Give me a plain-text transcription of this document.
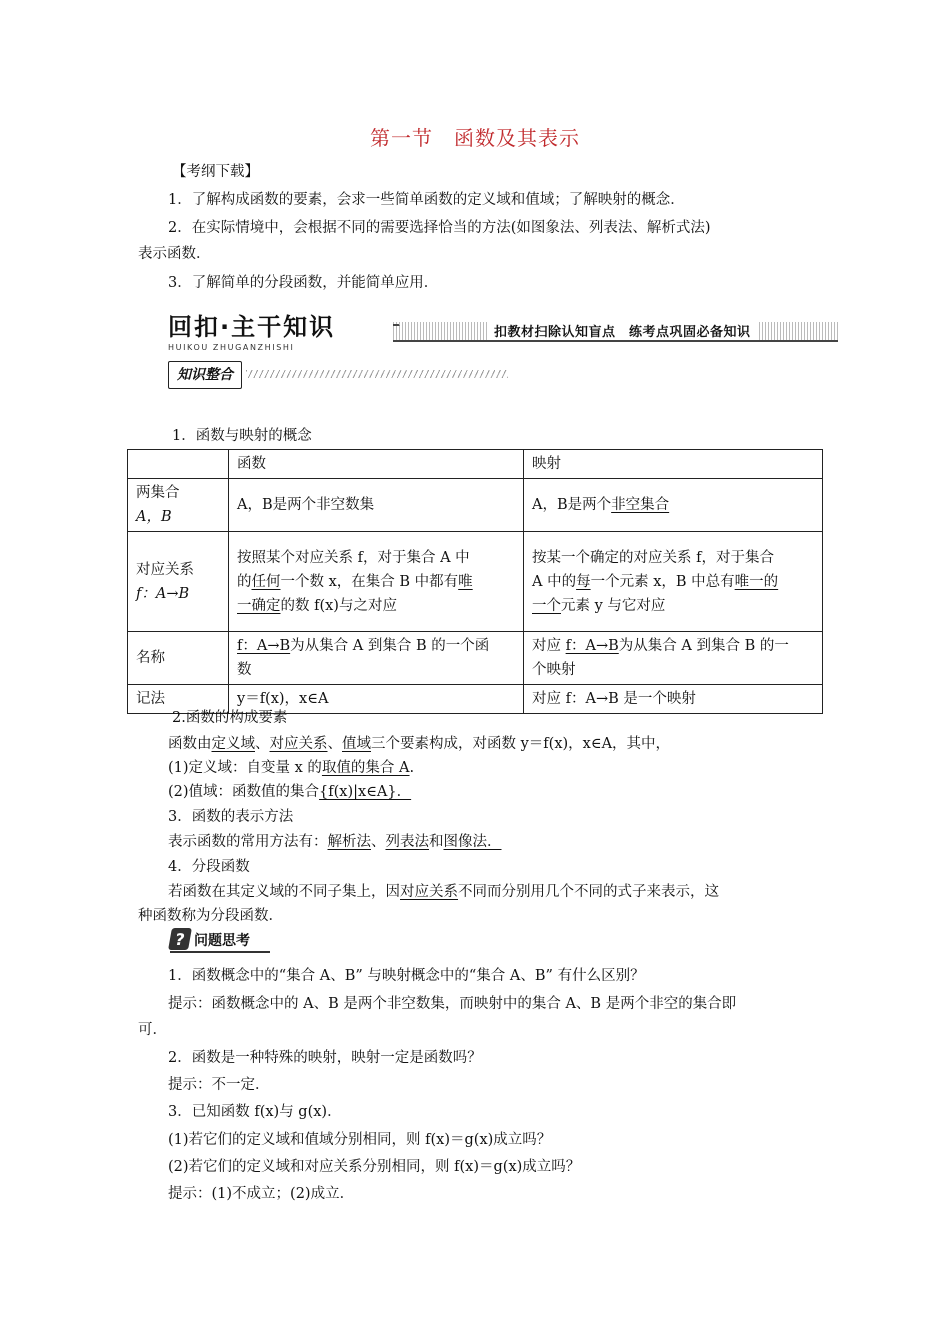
第一节　函数及其表示
【考纲下载】
1．了解构成函数的要素，会求一些简单函数的定义域和值域；了解映射的概念．
2．在实际情境中，会根据不同的需要选择恰当的方法(如图象法、列表法、解析式法)
表示函数．
3．了解简单的分段函数，并能简单应用．
回扣·主干知识
HUIKOU ZHUGANZHISHI
扣教材扫除认知盲点　练考点巩固必备知识
知识整合
1．函数与映射的概念
	函数	映射
两集合
A，B	A，B是两个非空数集	A，B是两个非空集合
对应关系
f：A→B	按照某个对应关系 f，对于集合 A 中
的任何一个数 x，在集合 B 中都有唯
一确定的数 f(x)与之对应	按某一个确定的对应关系 f，对于集合
A 中的每一个元素 x，B 中总有唯一的
一个元素 y 与它对应
名称	f：A→B为从集合 A 到集合 B 的一个函
数	对应 f：A→B为从集合 A 到集合 B 的一
个映射
记法	y＝f(x)，x∈A	对应 f：A→B 是一个映射
2.函数的构成要素
函数由定义域、对应关系、值域三个要素构成，对函数 y＝f(x)，x∈A，其中，
(1)定义域：自变量 x 的取值的集合 A.
(2)值域：函数值的集合{f(x)|x∈A}．
3．函数的表示方法
表示函数的常用方法有：解析法、列表法和图像法．
4．分段函数
若函数在其定义域的不同子集上，因对应关系不同而分别用几个不同的式子来表示，这
种函数称为分段函数．
? 问题思考
1．函数概念中的“集合 A、B” 与映射概念中的“集合 A、B” 有什么区别？
提示：函数概念中的 A、B 是两个非空数集，而映射中的集合 A、B 是两个非空的集合即
可．
2．函数是一种特殊的映射，映射一定是函数吗？
提示：不一定．
3．已知函数 f(x)与 g(x)．
(1)若它们的定义域和值域分别相同，则 f(x)＝g(x)成立吗？
(2)若它们的定义域和对应关系分别相同，则 f(x)＝g(x)成立吗？
提示：(1)不成立；(2)成立．
